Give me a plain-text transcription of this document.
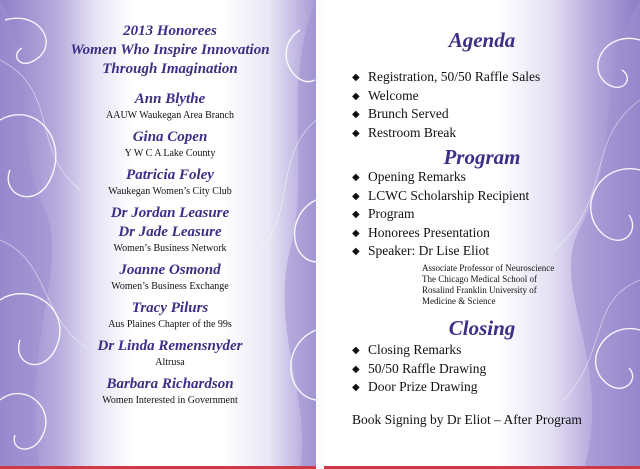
2013 Honorees
Women Who Inspire Innovation
Through Imagination
Ann Blythe
AAUW Waukegan Area Branch
Gina Copen
Y W C A Lake County
Patricia Foley
Waukegan Women’s City Club
Dr Jordan Leasure
Dr Jade Leasure
Women’s Business Network
Joanne Osmond
Women’s Business Exchange
Tracy Pilurs
Aus Plaines Chapter of the 99s
Dr Linda Remensnyder
Altrusa
Barbara Richardson
Women Interested in Government
Agenda
◆ Registration, 50/50 Raffle Sales
◆ Welcome
◆ Brunch Served
◆ Restroom Break
Program
◆ Opening Remarks
◆ LCWC Scholarship Recipient
◆ Program
◆ Honorees Presentation
◆ Speaker: Dr Lise Eliot
Associate Professor of Neuroscience
The Chicago Medical School of
Rosalind Franklin University of
Medicine & Science
Closing
◆ Closing Remarks
◆ 50/50 Raffle Drawing
◆ Door Prize Drawing
Book Signing by Dr Eliot – After Program
